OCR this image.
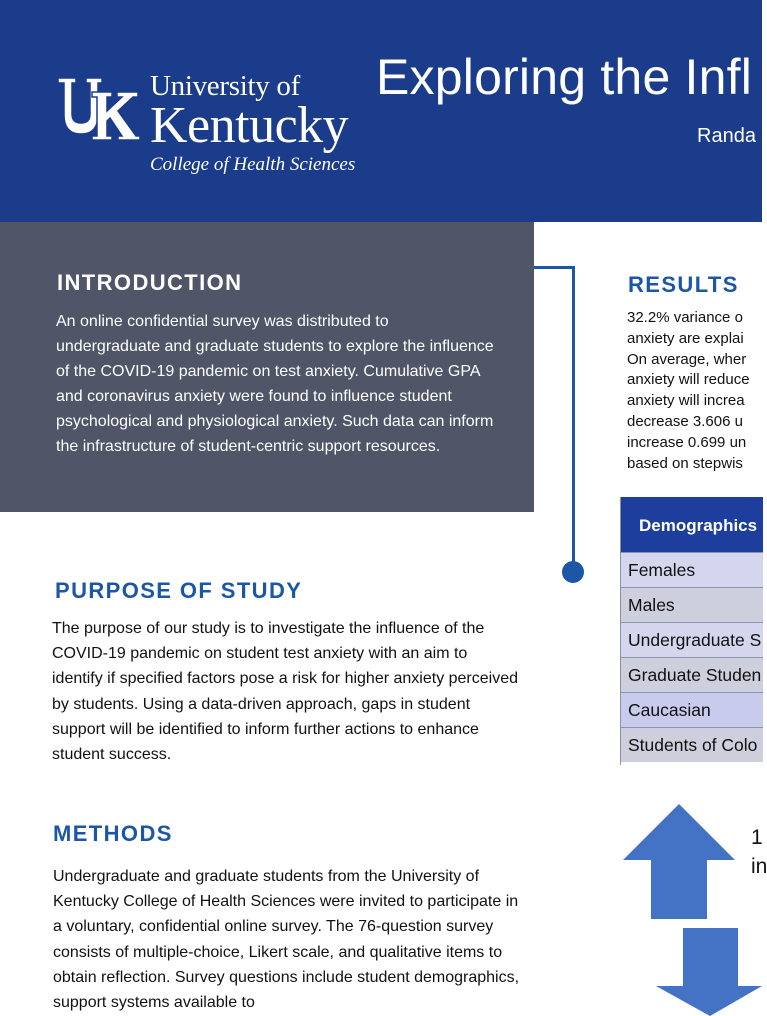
University of
Kentucky
College of Health Sciences
Exploring the Infl
Randa
INTRODUCTION
An online confidential survey was distributed to undergraduate and graduate students to explore the influence of the COVID-19 pandemic on test anxiety. Cumulative GPA and coronavirus anxiety were found to influence student psychological and physiological anxiety. Such data can inform the infrastructure of student-centric support resources.
PURPOSE OF STUDY
The purpose of our study is to investigate the influence of the COVID-19 pandemic on student test anxiety with an aim to identify if specified factors pose a risk for higher anxiety perceived by students. Using a data-driven approach, gaps in student support will be identified to inform further actions to enhance student success.
METHODS
Undergraduate and graduate students from the University of Kentucky College of Health Sciences were invited to participate in a voluntary, confidential online survey. The 76-question survey consists of multiple-choice, Likert scale, and qualitative items to obtain reflection. Survey questions include student demographics, support systems available to
RESULTS
32.2% variance o
anxiety are explai
On average, wher
anxiety will reduce
anxiety will increa
decrease 3.606 u
increase 0.699 un
based on stepwis
Demographics
Females
Males
Undergraduate S
Graduate Studen
Caucasian
Students of Colo
1
in
